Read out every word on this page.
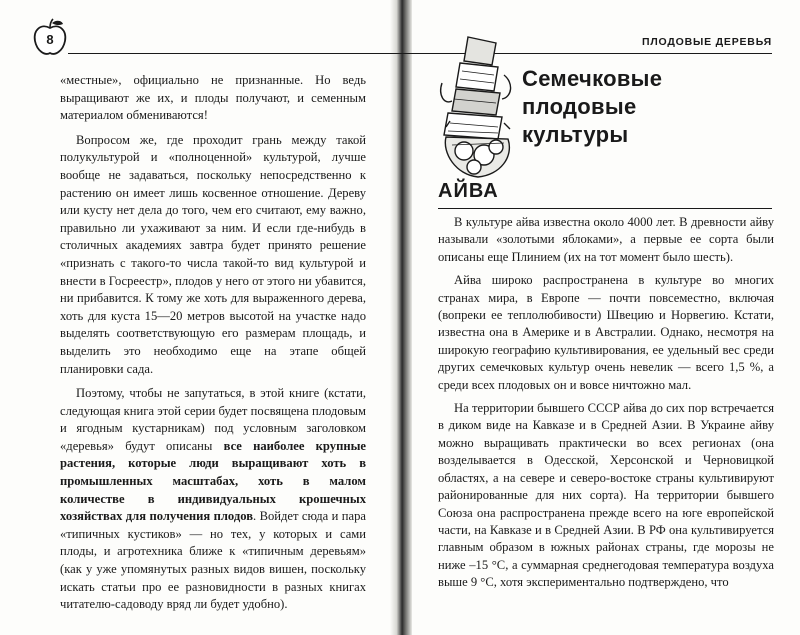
8	ПЛОДОВЫЕ ДЕРЕВЬЯ

«местные», официально не признанные. Но ведь выращивают же их, и плоды получают, и семенным материалом обмениваются!

Вопросом же, где проходит грань между такой полукультурой и «полноценной» культурой, лучше вообще не задаваться, поскольку непосредственно к растению он имеет лишь косвенное отношение. Дереву или кусту нет дела до того, чем его считают, ему важно, правильно ли ухаживают за ним. И если где-нибудь в столичных академиях завтра будет принято решение «признать с такого-то числа такой-то вид культурой и внести в Госреестр», плодов у него от этого ни убавится, ни прибавится. К тому же хоть для выраженного дерева, хоть для куста 15—20 метров высотой на участке надо выделять соответствующую его размерам площадь, и выделить это необходимо еще на этапе общей планировки сада.

Поэтому, чтобы не запутаться, в этой книге (кстати, следующая книга этой серии будет посвящена плодовым и ягодным кустарникам) под условным заголовком «деревья» будут описаны все наиболее крупные растения, которые люди выращивают хоть в промышленных масштабах, хоть в малом количестве в индивидуальных крошечных хозяйствах для получения плодов. Войдет сюда и пара «типичных кустиков» — но тех, у которых и сами плоды, и агротехника ближе к «типичным деревьям» (как у уже упомянутых разных видов вишен, поскольку искать статьи про ее разновидности в разных книгах читателю-садоводу вряд ли будет удобно).

Семечковые
плодовые
культуры
АЙВА

В культуре айва известна около 4000 лет. В древности айву называли «золотыми яблоками», а первые ее сорта были описаны еще Плинием (их на тот момент было шесть).

Айва широко распространена в культуре во многих странах мира, в Европе — почти повсеместно, включая (вопреки ее теплолюбивости) Швецию и Норвегию. Кстати, известна она в Америке и в Австралии. Однако, несмотря на широкую географию культивирования, ее удельный вес среди других семечковых культур очень невелик — всего 1,5 %, а среди всех плодовых он и вовсе ничтожно мал.

На территории бывшего СССР айва до сих пор встречается в диком виде на Кавказе и в Средней Азии. В Украине айву можно выращивать практически во всех регионах (она возделывается в Одесской, Херсонской и Черновицкой областях, а на севере и северо-востоке страны культивируют районированные для них сорта). На территории бывшего Союза она распространена прежде всего на юге европейской части, на Кавказе и в Средней Азии. В РФ она культивируется главным образом в южных районах страны, где морозы не ниже –15 °С, а суммарная среднегодовая температура воздуха выше 9 °С, хотя экспериментально подтверждено, что
